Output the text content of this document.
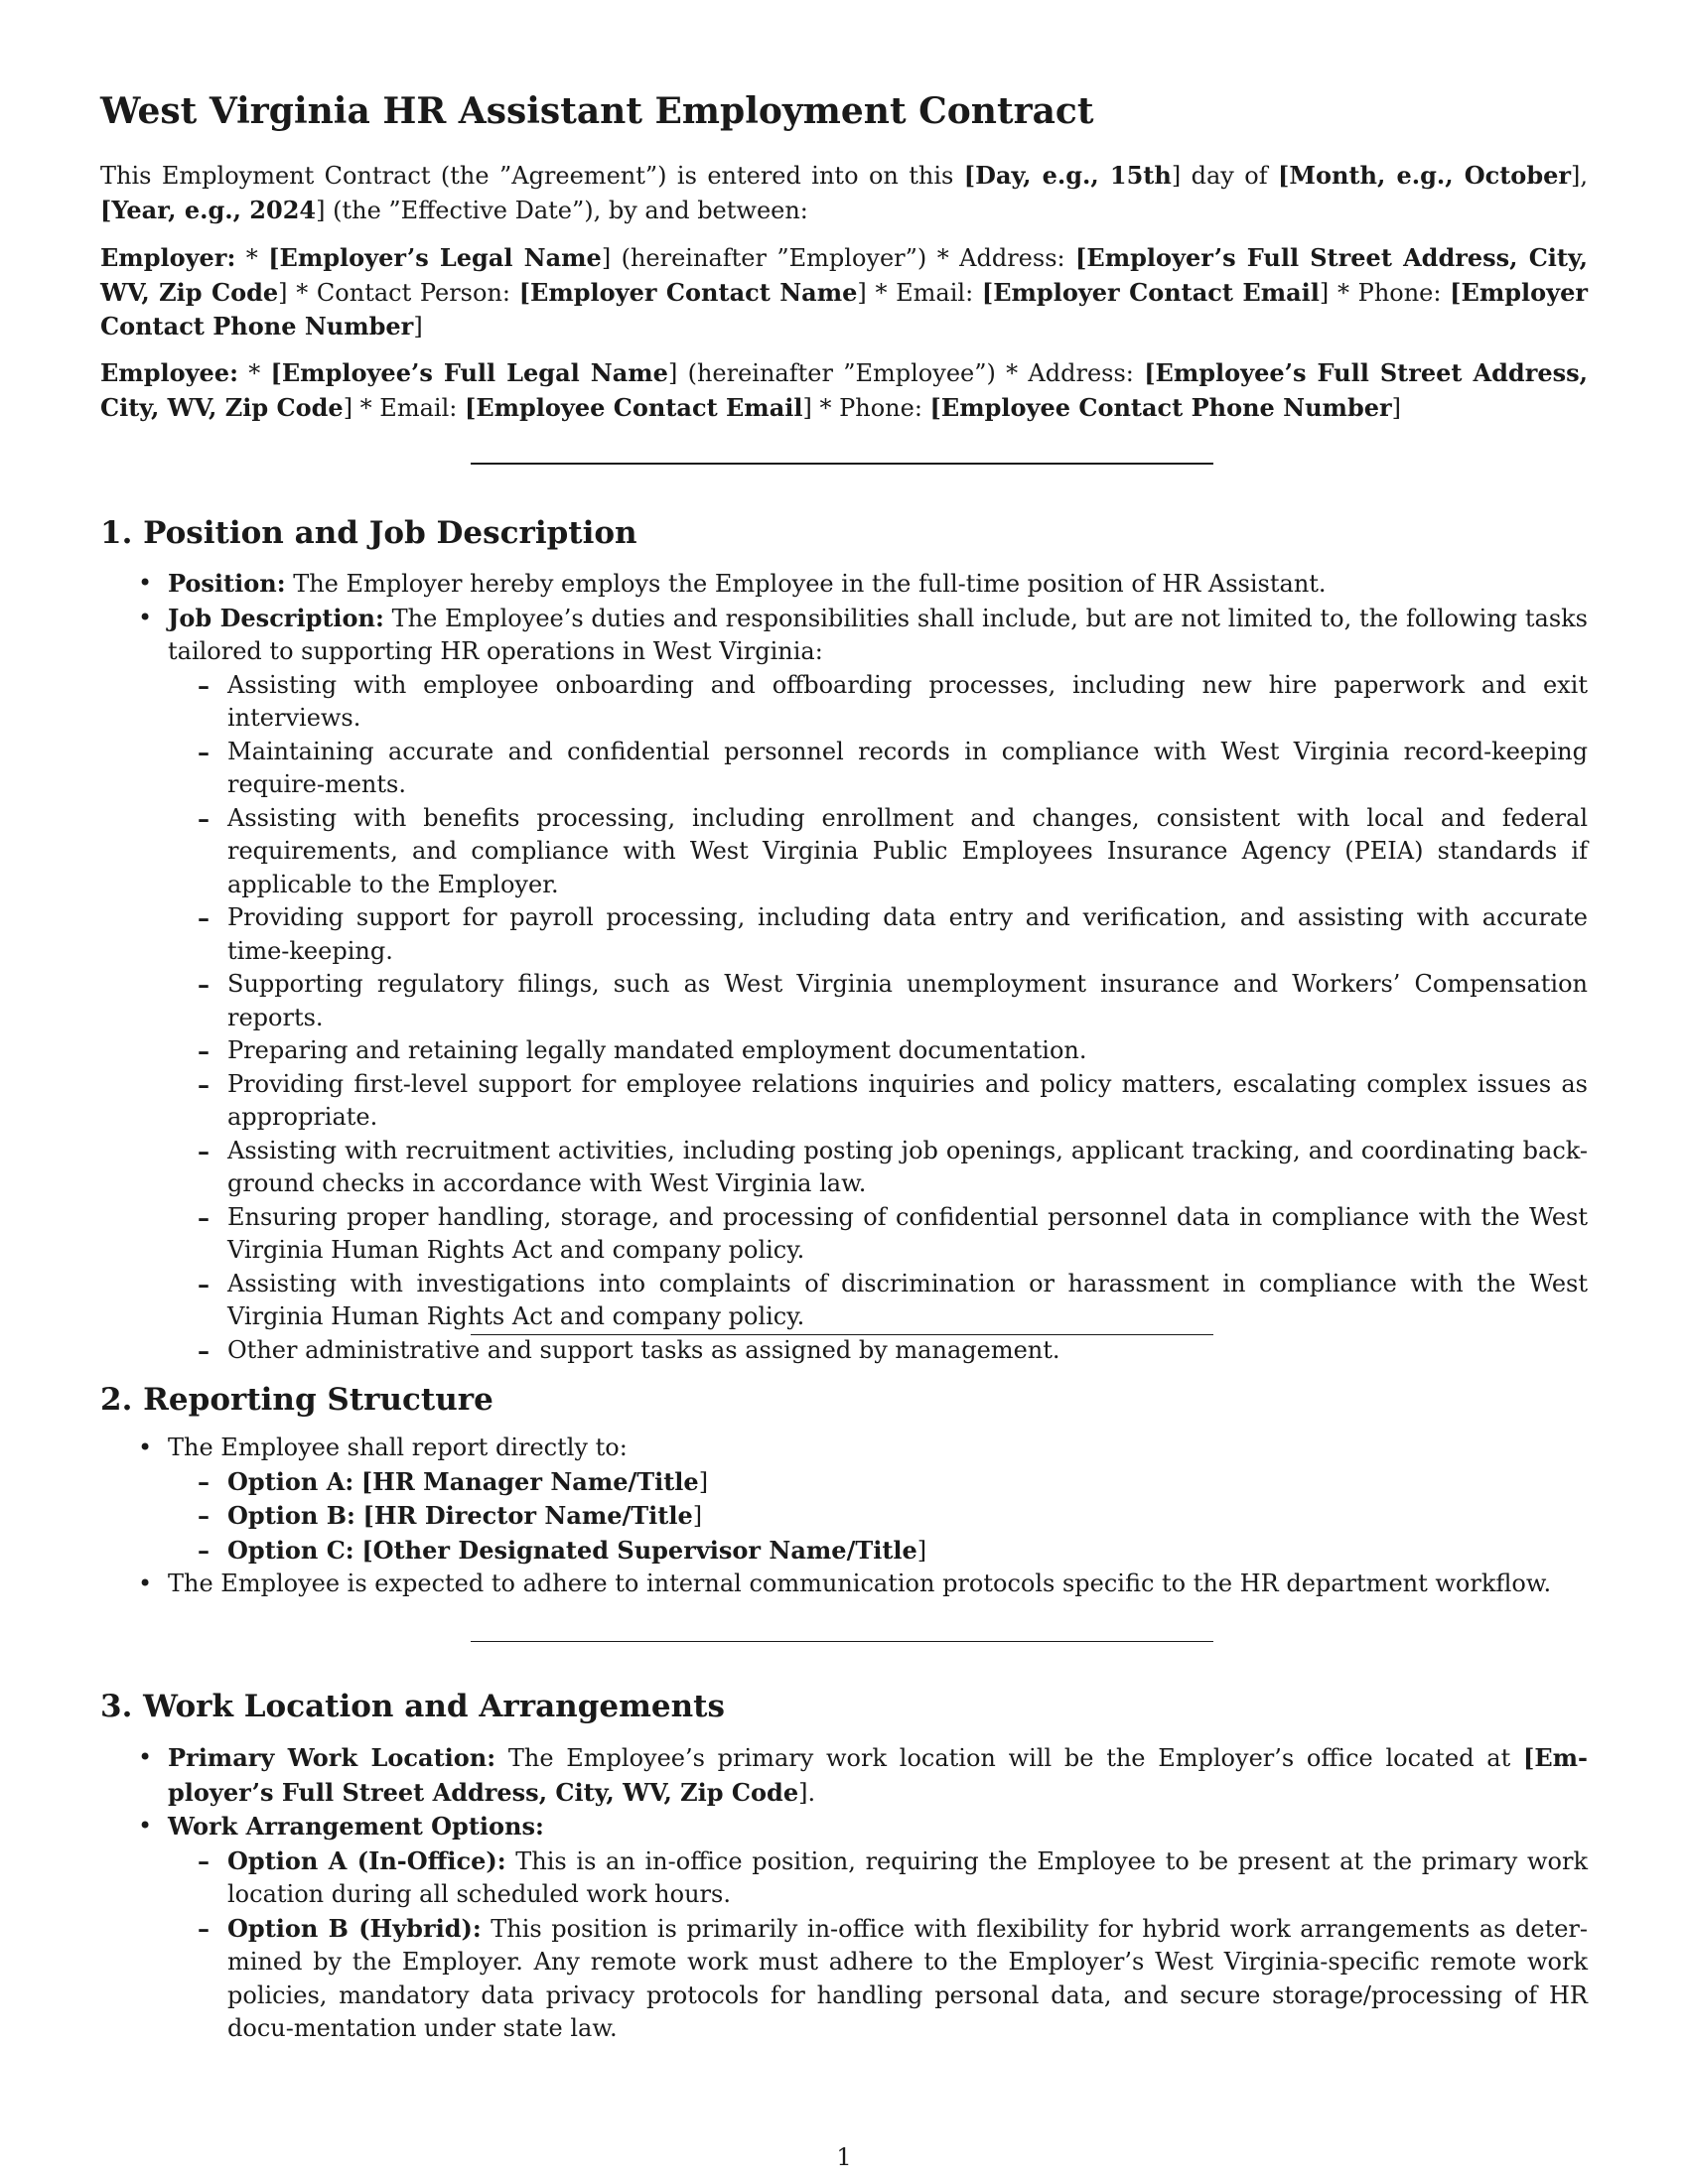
West Virginia HR Assistant Employment Contract

This Employment Contract (the ”Agreement”) is entered into on this [Day, e.g., 15th] day of [Month, e.g., October], [Year, e.g., 2024] (the ”Effective Date”), by and between:

Employer: * [Employer’s Legal Name] (hereinafter ”Employer”) * Address: [Employer’s Full Street Address, City, WV, Zip Code] * Contact Person: [Employer Contact Name] * Email: [Employer Contact Email] * Phone: [Employer Contact Phone Number]

Employee: * [Employee’s Full Legal Name] (hereinafter ”Employee”) * Address: [Employee’s Full Street Address, City, WV, Zip Code] * Email: [Employee Contact Email] * Phone: [Employee Contact Phone Number]

1. Position and Job Description
• Position: The Employer hereby employs the Employee in the full-time position of HR Assistant.
• Job Description: The Employee’s duties and responsibilities shall include, but are not limited to, the following tasks tailored to supporting HR operations in West Virginia:
– Assisting with employee onboarding and offboarding processes, including new hire paperwork and exit interviews.
– Maintaining accurate and confidential personnel records in compliance with West Virginia record-keeping require-ments.
– Assisting with benefits processing, including enrollment and changes, consistent with local and federal requirements, and compliance with West Virginia Public Employees Insurance Agency (PEIA) standards if applicable to the Employer.
– Providing support for payroll processing, including data entry and verification, and assisting with accurate time-keeping.
– Supporting regulatory filings, such as West Virginia unemployment insurance and Workers’ Compensation reports.
– Preparing and retaining legally mandated employment documentation.
– Providing first-level support for employee relations inquiries and policy matters, escalating complex issues as appropriate.
– Assisting with recruitment activities, including posting job openings, applicant tracking, and coordinating back-ground checks in accordance with West Virginia law.
– Ensuring proper handling, storage, and processing of confidential personnel data in compliance with the West Virginia Human Rights Act and company policy.
– Assisting with investigations into complaints of discrimination or harassment in compliance with the West Virginia Human Rights Act and company policy.
– Other administrative and support tasks as assigned by management.
2. Reporting Structure
• The Employee shall report directly to:
– Option A: [HR Manager Name/Title]
– Option B: [HR Director Name/Title]
– Option C: [Other Designated Supervisor Name/Title]
• The Employee is expected to adhere to internal communication protocols specific to the HR department workflow.
3. Work Location and Arrangements
• Primary Work Location: The Employee’s primary work location will be the Employer’s office located at [Em-ployer’s Full Street Address, City, WV, Zip Code].
• Work Arrangement Options:
– Option A (In-Office): This is an in-office position, requiring the Employee to be present at the primary work location during all scheduled work hours.
– Option B (Hybrid): This position is primarily in-office with flexibility for hybrid work arrangements as deter-mined by the Employer. Any remote work must adhere to the Employer’s West Virginia-specific remote work policies, mandatory data privacy protocols for handling personal data, and secure storage/processing of HR docu-mentation under state law.
1
